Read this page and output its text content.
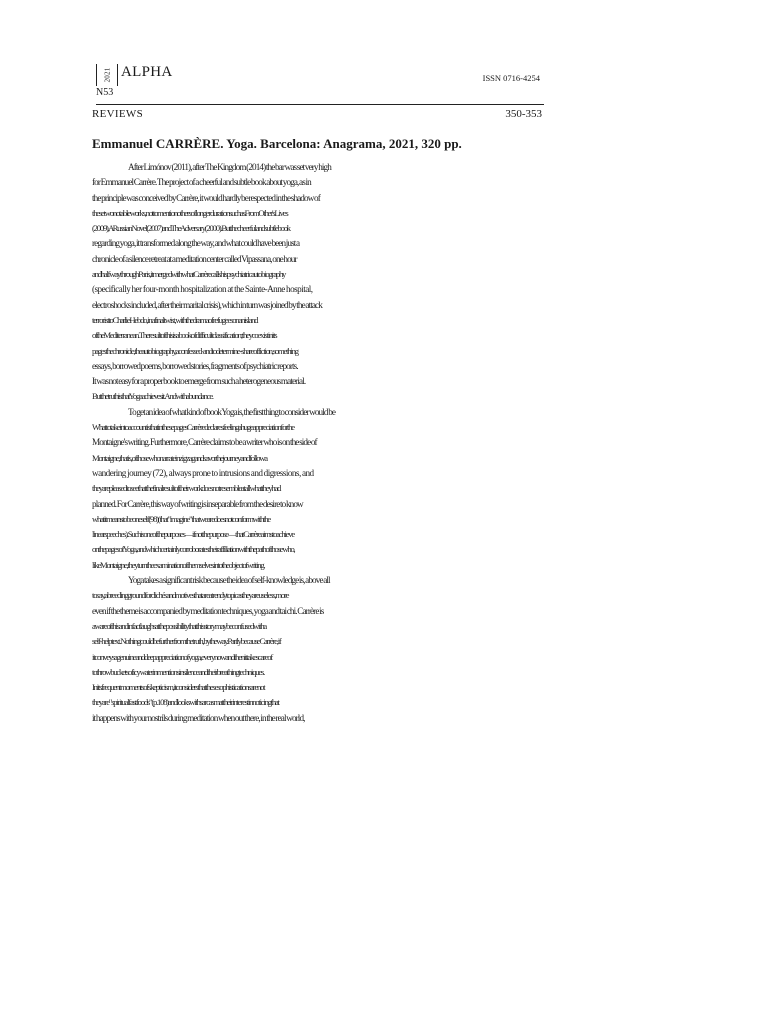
2021 ALPHA
N53
ISSN 0716-4254
REVIEWS	350-353
Emmanuel CARRÈRE. Yoga. Barcelona: Anagrama, 2021, 320 pp.
After Limónov (2011), after The Kingdom (2014) the bar was set very high
for Emmanuel Carrère. The project of a cheerful and subtle book about yoga, as in
the principle was conceived by Carrère, it would hardly be respected in the shadow of
these two notable works, not to mention others of longer duration such as From Other's Lives
(2009), A Russian Novel (2007) and The Adversary (2000). But the cheerful and subtle book
regarding yoga, it transformed along the way, and what could have been just a
chronicle of a silence retreat at a meditation center called Vipassana, one hour
and half way through Paris, it merged with what Carrère calls his psychiatric autobiography
(specifically her four-month hospitalization at the Sainte-Anne hospital,
electroshocks included, after their marital crisis), which in turn was joined by the attack
terrorist to Charlie Hebdo, in a final twist, with the drama of refugees on an island
of the Mediterranean. The result of this is a book of difficult classification; they coexist in its
pages the chronicle, the autobiography, a confessed -and to determine- share of fiction, something
essays, borrowed poems, borrowed stories, fragments of psychiatric reports.
It was not easy for a proper book to emerge from such a heterogeneous material.
But the truth is that Yoga achieves it. And with abundance.
To get an idea of what kind of book Yoga is, the first thing to consider would be
What to take into account is that in these pages Carrère declares feeling a huge appreciation for the
Montaigne's writing. Furthermore, Carrère claims to be a writer who is on the side of
Montaigne, that is, of those who narrate in zigzag and savor the journey and follow a
wandering journey (72), always prone to intrusions and digressions, and
they are pleased to see that the final result of their work does not resemble at all what they had
planned. For Carrère, this way of writing is inseparable from the desire to know
what it means to be oneself (98) (that "imagine" that we are does not conform with the
linear speeches). Such is one of the purposes —if not the purpose— that Carrère aims to achieve
on the pages of Yoga, and which certainly corroborates their affiliation with the path of those who,
like Montaigne, they turn the examination of themselves into the object of writing.
Yoga takes a significant risk because the idea of self-knowledge is, above all
to say, a breeding ground for clichés and motives that are a trendy topic as they are useless, more
even if the theme is accompanied by meditation techniques, yoga and tai chi. Carrère is
aware of this and in fact laughs at the possibility that this story may be confused with a
self-help text. Nothing could be further from the truth, by the way. Partly because Carrère, if
it conveys a genuine and deep appreciation of yoga, every now and then it takes care of
to throw buckets of icy water in mentions in silence and their breathing techniques.
In its frequent moments of skepticism, it considers that these sophistications are not
they are "spiritual fast foods" (p.108) and looks with sarcasm at their interest in noticing that
it happens with your nostrils during meditation when out there, in the real world,
